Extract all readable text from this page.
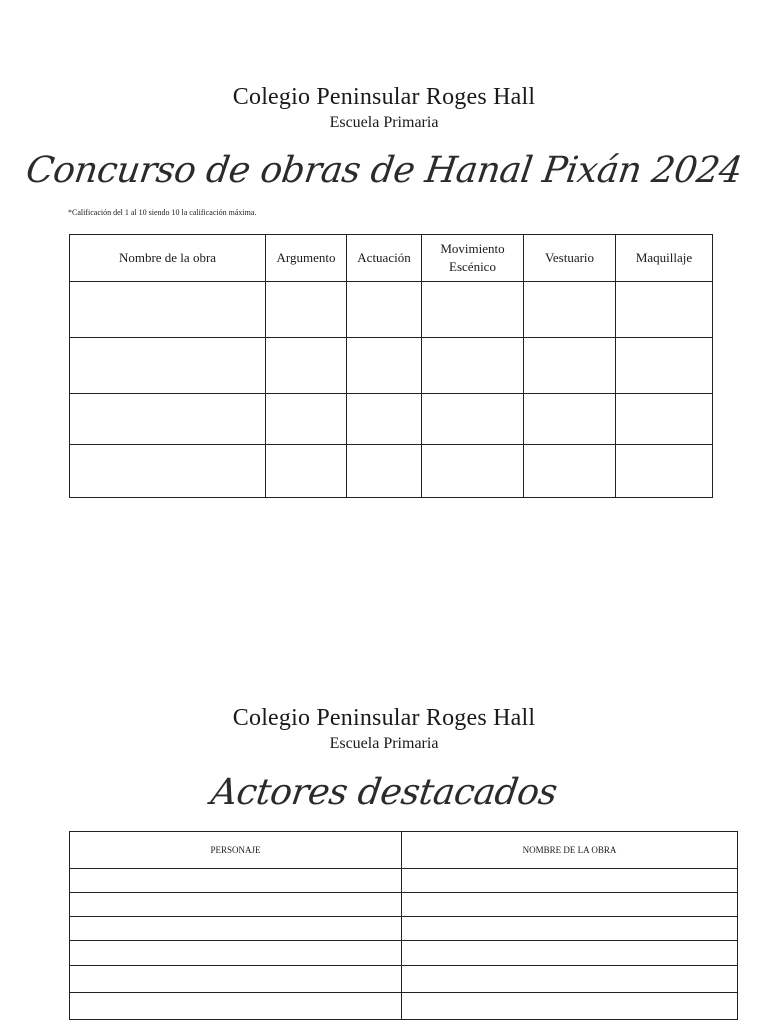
Colegio Peninsular Roges Hall
Escuela Primaria
Concurso de obras de Hanal Pixán 2024
*Calificación del 1 al 10 siendo 10 la calificación máxima.
Nombre de la obra	Argumento	Actuación	Movimiento Escénico	Vestuario	Maquillaje

Colegio Peninsular Roges Hall
Escuela Primaria
Actores destacados
PERSONAJE	NOMBRE DE LA OBRA
